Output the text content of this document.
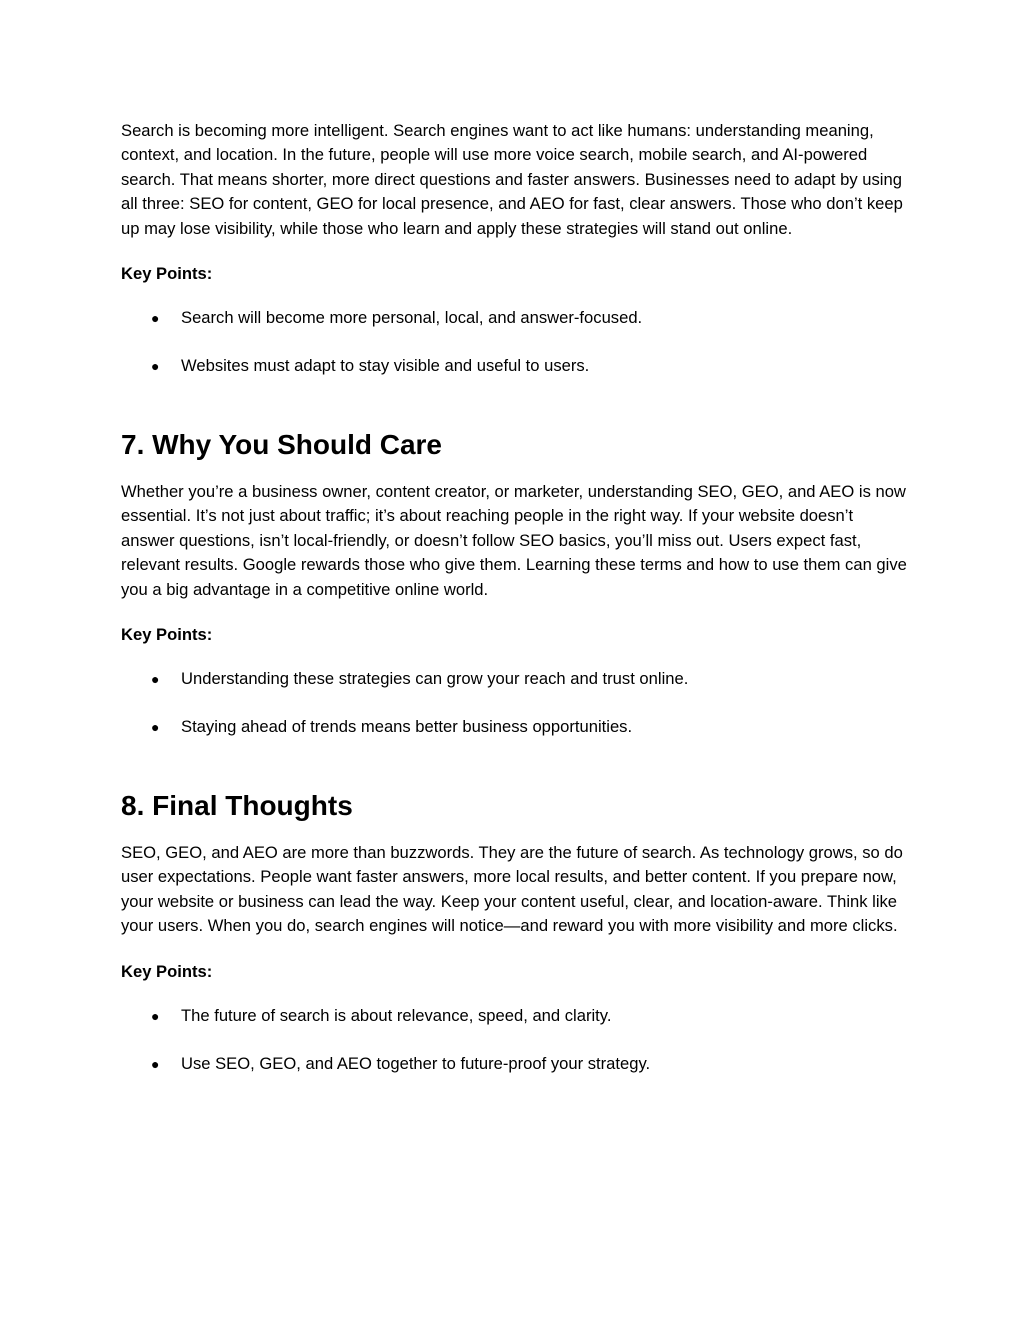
Search is becoming more intelligent. Search engines want to act like humans: understanding meaning, context, and location. In the future, people will use more voice search, mobile search, and AI-powered search. That means shorter, more direct questions and faster answers. Businesses need to adapt by using all three: SEO for content, GEO for local presence, and AEO for fast, clear answers. Those who don’t keep up may lose visibility, while those who learn and apply these strategies will stand out online.

Key Points:

● Search will become more personal, local, and answer-focused.
● Websites must adapt to stay visible and useful to users.
7. Why You Should Care

Whether you’re a business owner, content creator, or marketer, understanding SEO, GEO, and AEO is now essential. It’s not just about traffic; it’s about reaching people in the right way. If your website doesn’t answer questions, isn’t local-friendly, or doesn’t follow SEO basics, you’ll miss out. Users expect fast, relevant results. Google rewards those who give them. Learning these terms and how to use them can give you a big advantage in a competitive online world.

Key Points:

● Understanding these strategies can grow your reach and trust online.
● Staying ahead of trends means better business opportunities.
8. Final Thoughts

SEO, GEO, and AEO are more than buzzwords. They are the future of search. As technology grows, so do user expectations. People want faster answers, more local results, and better content. If you prepare now, your website or business can lead the way. Keep your content useful, clear, and location-aware. Think like your users. When you do, search engines will notice—and reward you with more visibility and more clicks.

Key Points:

● The future of search is about relevance, speed, and clarity.
● Use SEO, GEO, and AEO together to future-proof your strategy.
